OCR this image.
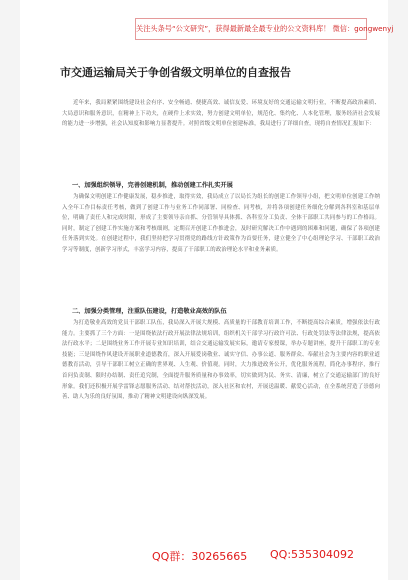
关注头条号“公文研究”，获得最新最全最专业的公文资料库！ 微信：gongwenyj
市交通运输局关于争创省级文明单位的自查报告
近年来，我局紧紧围绕建设社会有序、安全畅通、便捷高效、诚信友爱、环境友好的交通运输文明行业，不断提高政治素质、大局意识和服务意识，在精神上下功夫，在硬件上求实效，努力创建文明单位，规范化、集约化、人本化管理，服务经济社会发展的能力进一步增强，社会认知度和影响力显著提升。对照省级文明单位创建标准，我局进行了详细自查，现将自查情况汇报如下：
一、加强组织领导，完善创建机制，推动创建工作扎实开展
为确保文明创建工作健康发展，稳步推进，取得实效，我局成立了以局长为组长的创建工作领导小组，把文明单位创建工作纳入全年工作目标责任考核，做到了创建工作与业务工作同部署、同检查、同考核，并将各项创建任务细化分解到各科室和基层单位，明确了责任人和完成时限，形成了主要领导亲自抓、分管领导具体抓、各科室分工负责、全体干部职工共同参与的工作格局。同时，制定了创建工作实施方案和考核细则，定期召开创建工作推进会，及时研究解决工作中遇到的困难和问题，确保了各项创建任务落到实处。在创建过程中，我们坚持把学习贯彻党的路线方针政策作为首要任务，建立健全了中心组理论学习、干部职工政治学习等制度，创新学习形式，丰富学习内容，提高了干部职工的政治理论水平和业务素质。
二、加强分类管理，注重队伍建设，打造敬业高效的队伍
为打造敬业高效的党员干部职工队伍，我局深入开展大规模、高质量的干部教育培训工作，不断提高综合素质，增强依法行政能力。主要抓了三个方面：一是围绕依法行政开展法律法规培训，组织机关干部学习行政许可法、行政处罚法等法律法规，提高依法行政水平；二是围绕业务工作开展专业知识培训，结合交通运输发展实际，邀请专家授课，举办专题讲座，提升干部职工的专业技能；三是围绕作风建设开展职业道德教育，深入开展爱岗敬业、诚实守信、办事公道、服务群众、奉献社会为主要内容的职业道德教育活动，引导干部职工树立正确的世界观、人生观、价值观。同时，大力推进政务公开，优化服务流程，简化办事程序，推行首问负责制、限时办结制、责任追究制，全面提升服务质量和办事效率，切实做到为民、务实、清廉，树立了交通运输部门的良好形象。我们还积极开展学雷锋志愿服务活动、结对帮扶活动，深入社区和农村，开展送温暖、献爱心活动，在全系统营造了崇德向善、助人为乐的良好氛围，推动了精神文明建设向纵深发展。
QQ群：30265665 QQ:535304092
